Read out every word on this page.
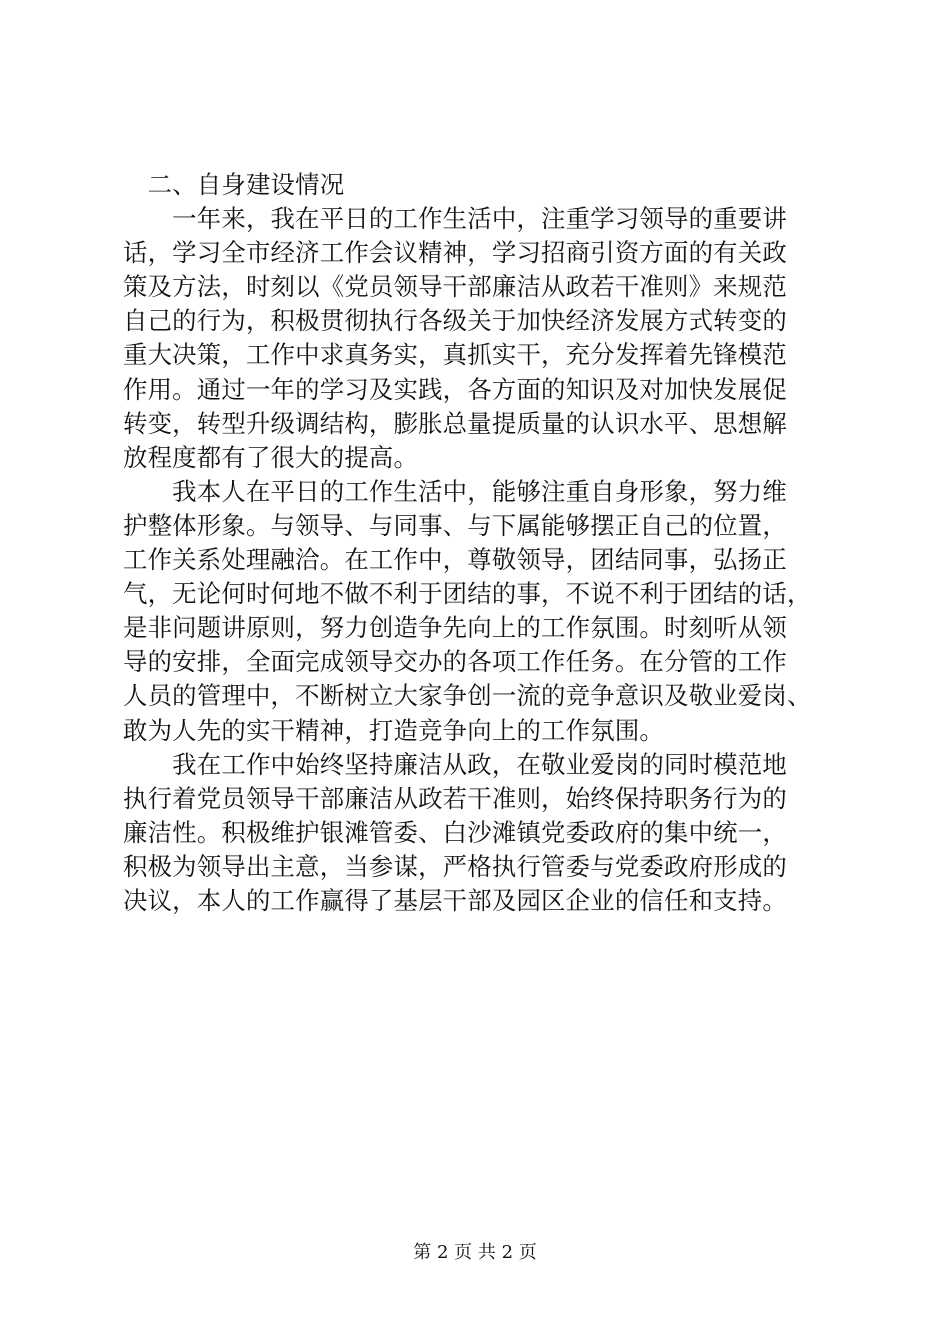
　二、自身建设情况
　　一年来，我在平日的工作生活中，注重学习领导的重要讲
话，学习全市经济工作会议精神，学习招商引资方面的有关政
策及方法，时刻以《党员领导干部廉洁从政若干准则》来规范
自己的行为，积极贯彻执行各级关于加快经济发展方式转变的
重大决策，工作中求真务实，真抓实干，充分发挥着先锋模范
作用。通过一年的学习及实践，各方面的知识及对加快发展促
转变，转型升级调结构，膨胀总量提质量的认识水平、思想解
放程度都有了很大的提高。
　　我本人在平日的工作生活中，能够注重自身形象，努力维
护整体形象。与领导、与同事、与下属能够摆正自己的位置，
工作关系处理融洽。在工作中，尊敬领导，团结同事，弘扬正
气，无论何时何地不做不利于团结的事，不说不利于团结的话，
是非问题讲原则，努力创造争先向上的工作氛围。时刻听从领
导的安排，全面完成领导交办的各项工作任务。在分管的工作
人员的管理中，不断树立大家争创一流的竞争意识及敬业爱岗、
敢为人先的实干精神，打造竞争向上的工作氛围。
　　我在工作中始终坚持廉洁从政，在敬业爱岗的同时模范地
执行着党员领导干部廉洁从政若干准则，始终保持职务行为的
廉洁性。积极维护银滩管委、白沙滩镇党委政府的集中统一，
积极为领导出主意，当参谋，严格执行管委与党委政府形成的
决议，本人的工作赢得了基层干部及园区企业的信任和支持。
第 2 页 共 2 页
